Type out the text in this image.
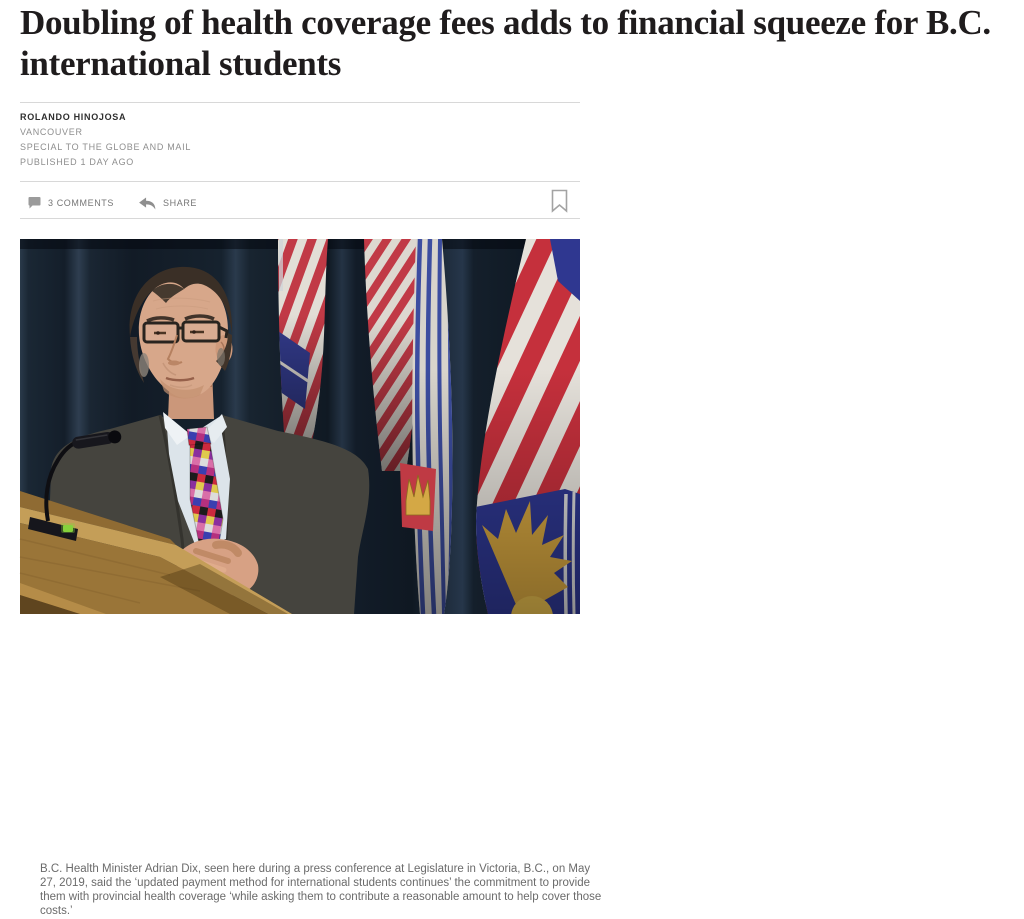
Doubling of health coverage fees adds to financial squeeze for B.C. international students
ROLANDO HINOJOSA
VANCOUVER
SPECIAL TO THE GLOBE AND MAIL
PUBLISHED 1 DAY AGO
3 COMMENTS	SHARE
B.C. Health Minister Adrian Dix, seen here during a press conference at Legislature in Victoria, B.C., on May 27, 2019, said the ‘updated payment method for international students continues’ the commitment to provide them with provincial health coverage ‘while asking them to contribute a reasonable amount to help cover those costs.’
